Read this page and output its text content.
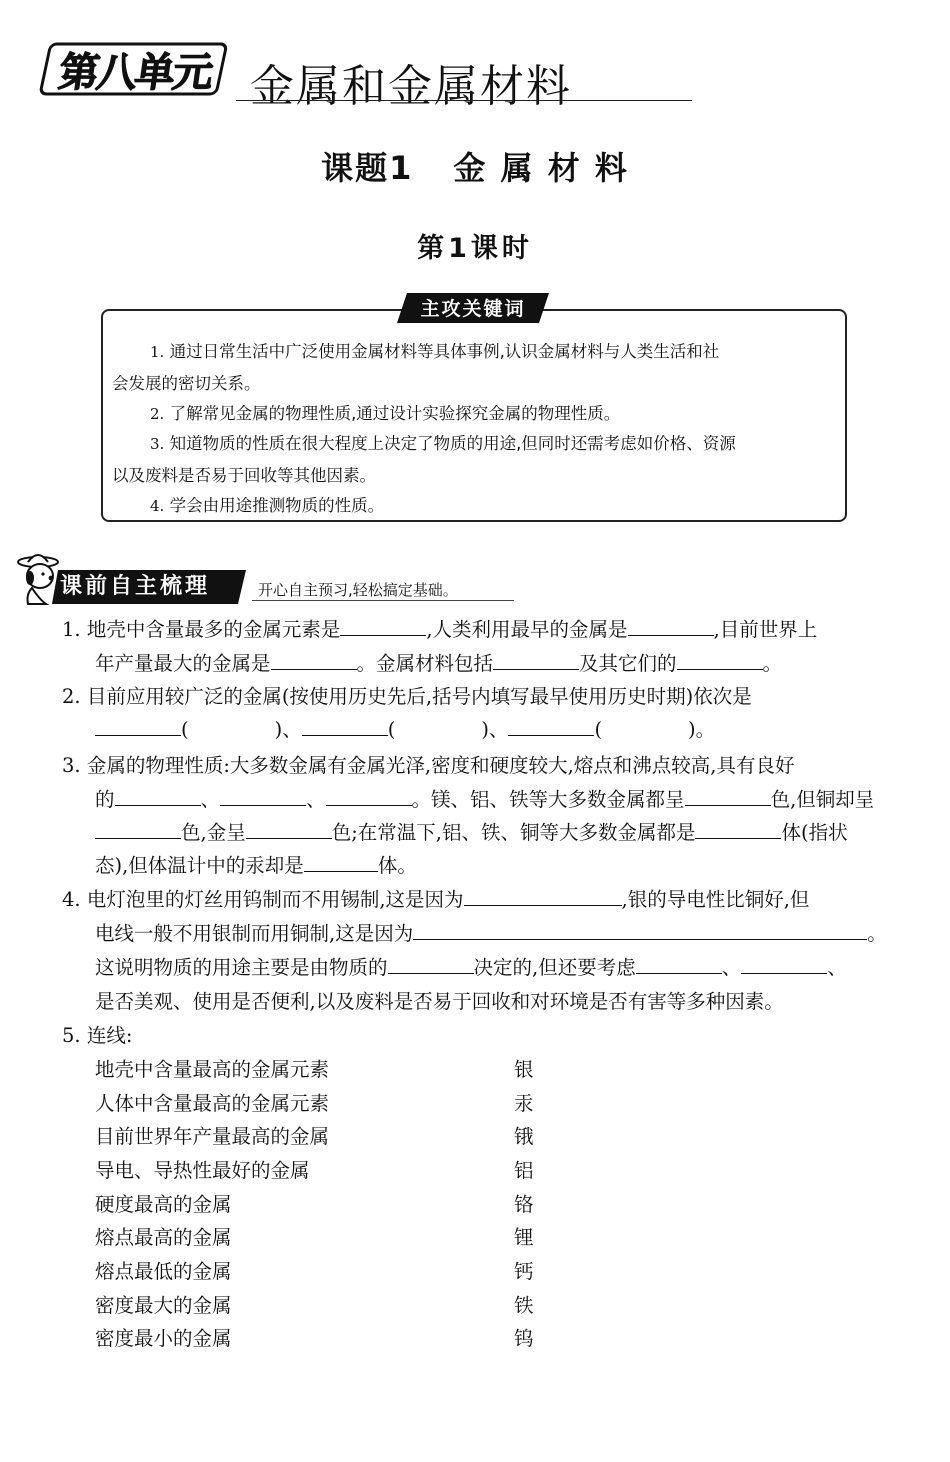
第八单元 金属和金属材料
课题1 金 属 材 料
第1课时
主攻关键词
1. 通过日常生活中广泛使用金属材料等具体事例,认识金属材料与人类生活和社
会发展的密切关系。
2. 了解常见金属的物理性质,通过设计实验探究金属的物理性质。
3. 知道物质的性质在很大程度上决定了物质的用途,但同时还需考虑如价格、资源
以及废料是否易于回收等其他因素。
4. 学会由用途推测物质的性质。
课前自主梳理	开心自主预习,轻松搞定基础。
1. 地壳中含量最多的金属元素是	,人类利用最早的金属是	,目前世界上
年产量最大的金属是	。金属材料包括	及其它们的	。
2. 目前应用较广泛的金属(按使用历史先后,括号内填写最早使用历史时期)依次是
(	)、	(	)、	(	)。
3. 金属的物理性质:大多数金属有金属光泽,密度和硬度较大,熔点和沸点较高,具有良好
的	、	、	。镁、铝、铁等大多数金属都呈	色,但铜却呈
色,金呈	色;在常温下,铝、铁、铜等大多数金属都是	体(指状
态),但体温计中的汞却是	体。
4. 电灯泡里的灯丝用钨制而不用锡制,这是因为	,银的导电性比铜好,但
电线一般不用银制而用铜制,这是因为	。
这说明物质的用途主要是由物质的	决定的,但还要考虑	、	、
是否美观、使用是否便利,以及废料是否易于回收和对环境是否有害等多种因素。
5. 连线:
地壳中含量最高的金属元素	银
人体中含量最高的金属元素	汞
目前世界年产量最高的金属	锇
导电、导热性最好的金属	铝
硬度最高的金属	铬
熔点最高的金属	锂
熔点最低的金属	钙
密度最大的金属	铁
密度最小的金属	钨
